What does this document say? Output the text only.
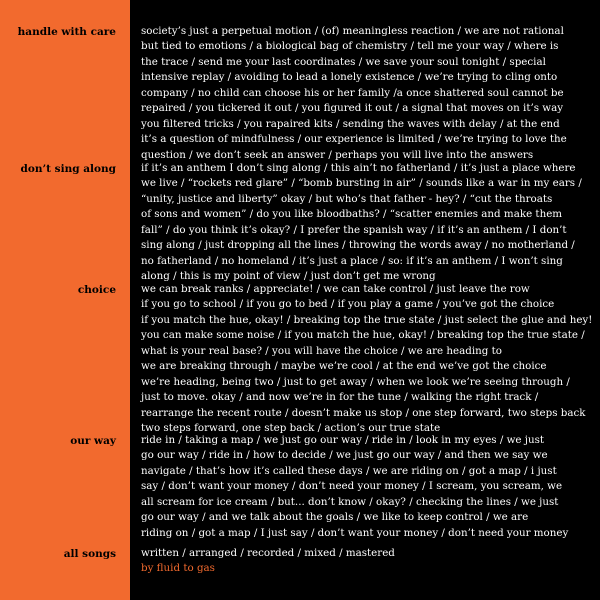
handle with care society’s just a perpetual motion / (of) meaningless reaction / we are not rational
but tied to emotions / a biological bag of chemistry / tell me your way / where is
the trace / send me your last coordinates / we save your soul tonight / special
intensive replay / avoiding to lead a lonely existence / we’re trying to cling onto
company / no child can choose his or her family /a once shattered soul cannot be
repaired / you tickered it out / you figured it out / a signal that moves on it’s way
you filtered tricks / you rapaired kits / sending the waves with delay / at the end
it’s a question of mindfulness / our experience is limited / we’re trying to love the
question / we don’t seek an answer / perhaps you will live into the answers
don’t sing along if it’s an anthem I don’t sing along / this ain’t no fatherland / it’s just a place where
we live / “rockets red glare” / “bomb bursting in air” / sounds like a war in my ears /
“unity, justice and liberty” okay / but who’s that father - hey? / “cut the throats
of sons and women” / do you like bloodbaths? / “scatter enemies and make them
fall” / do you think it’s okay? / I prefer the spanish way / if it’s an anthem / I don’t
sing along / just dropping all the lines / throwing the words away / no motherland /
no fatherland / no homeland / it’s just a place / so: if it’s an anthem / I won’t sing
along / this is my point of view / just don’t get me wrong
choice we can break ranks / appreciate! / we can take control / just leave the row
if you go to school / if you go to bed / if you play a game / you’ve got the choice
if you match the hue, okay! / breaking top the true state / just select the glue and hey!
you can make some noise / if you match the hue, okay! / breaking top the true state /
what is your real base? / you will have the choice / we are heading to
we are breaking through / maybe we’re cool / at the end we’ve got the choice
we’re heading, being two / just to get away / when we look we’re seeing through /
just to move. okay / and now we’re in for the tune / walking the right track /
rearrange the recent route / doesn’t make us stop / one step forward, two steps back
two steps forward, one step back / action’s our true state
our way ride in / taking a map / we just go our way / ride in / look in my eyes / we just
go our way / ride in / how to decide / we just go our way / and then we say we
navigate / that’s how it’s called these days / we are riding on / got a map / i just
say / don’t want your money / don’t need your money / I scream, you scream, we
all scream for ice cream / but... don’t know / okay? / checking the lines / we just
go our way / and we talk about the goals / we like to keep control / we are
riding on / got a map / I just say / don’t want your money / don’t need your money
all songs written / arranged / recorded / mixed / mastered
by fluid to gas
